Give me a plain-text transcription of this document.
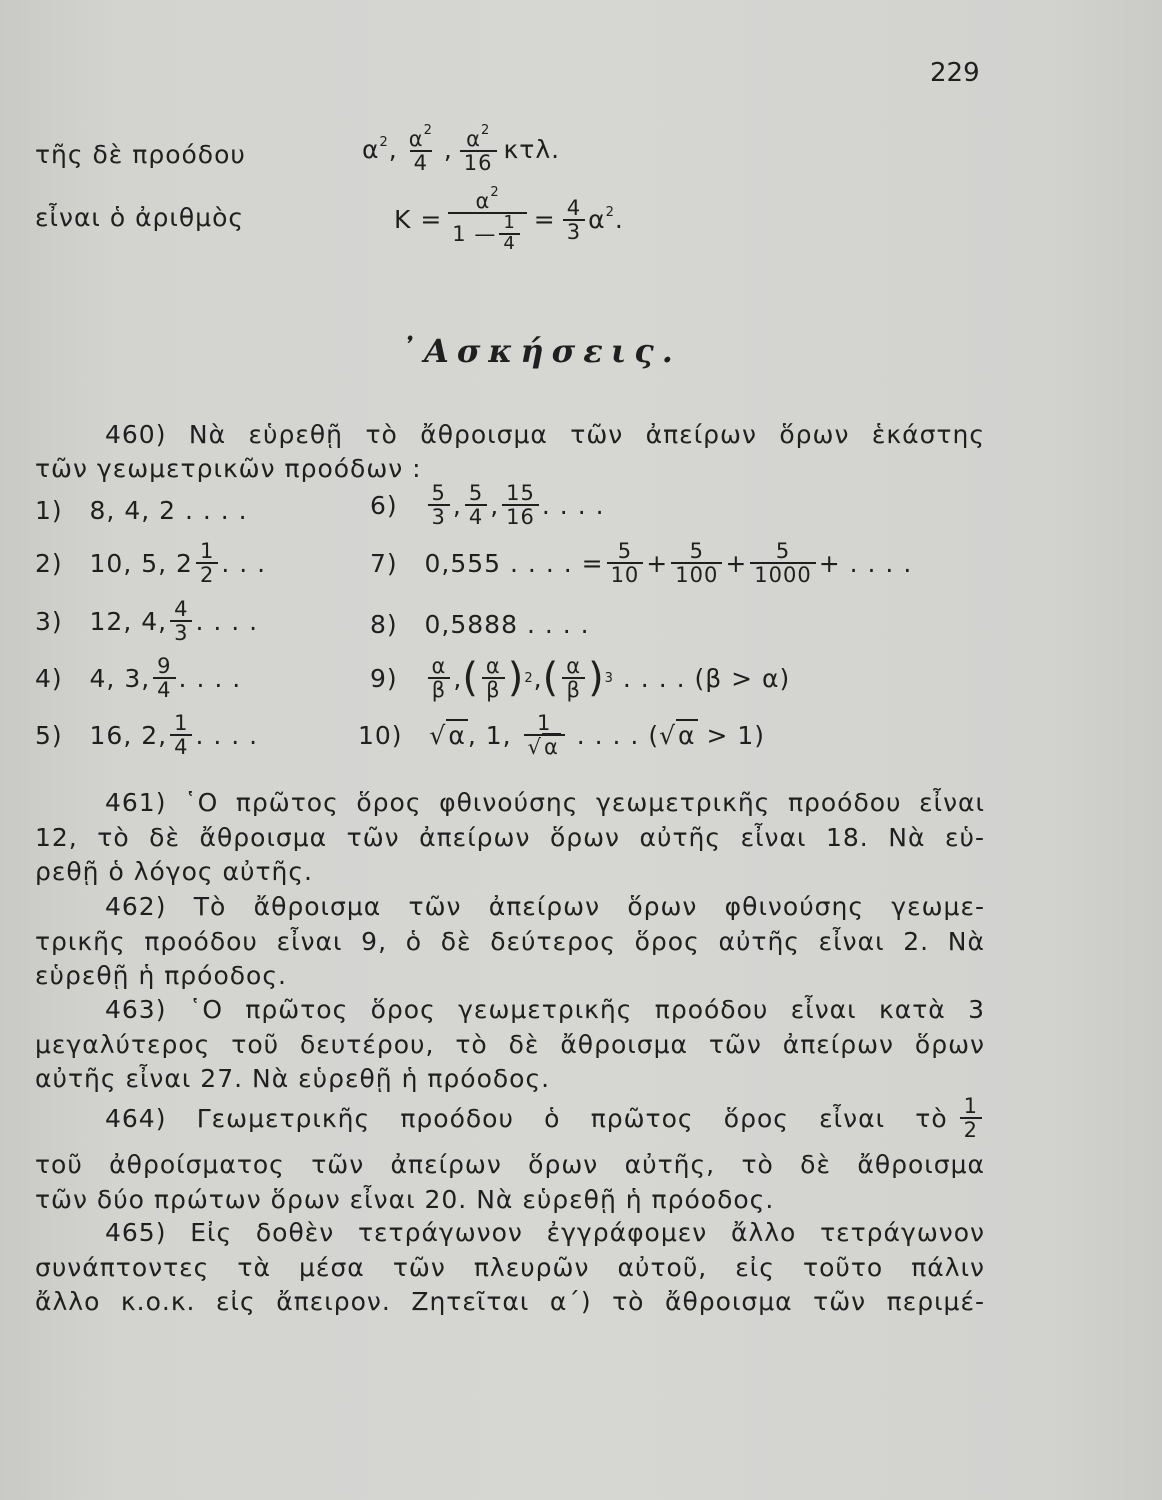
229
τῆς δὲ προόδου	$\alpha^2$, $\frac{\alpha^2}{4}$ , $\frac{\alpha^2}{16} \kappa\tau\lambda$.
εἶναι ὁ ἀριθμὸς	$K = \frac{\alpha^2}{1 — \frac{1}{4}} = \frac{4}{3} \alpha^2$.
᾿Ασκήσεις.
460) Νὰ εὑρεθῇ τὸ ἄθροισμα τῶν ἀπείρων ὅρων ἑκάστης
τῶν γεωμετρικῶν προόδων :
1) 8, 4, 2 . . . .
2)
10, 5, $2 \frac{1}{2}$ . . .
3)
12, 4, $\frac{4}{3}$ . . . .
4)
4, 3, $\frac{9}{4}$ . . . .
5)
16, 2, $\frac{1}{4}$ . . . .
6)
$\frac{5}{3}$ , $\frac{5}{4}$ , $\frac{15}{16}$ . . . .
7)
0,555 . . . . = $\frac{5}{10} + \frac{5}{100} + \frac{5}{1000}$ + . . . .
8) 0,5888 . . . .
9)
$\frac{\alpha}{\beta}$ , ( $\frac{\alpha}{\beta}$ ) 2 , ( $\frac{\alpha}{\beta}$ ) 3
. . . . (β > α)
10)
√α , 1,
$\frac{1}{√\alpha}$
. . . . ( √α
> 1)
461) ῾Ο πρῶτος ὅρος φθινούσης γεωμετρικῆς προόδου εἶναι
12, τὸ δὲ ἄθροισμα τῶν ἀπείρων ὅρων αὐτῆς εἶναι 18. Νὰ εὑ-
ρεθῇ ὁ λόγος αὐτῆς.
462) Τὸ ἄθροισμα τῶν ἀπείρων ὅρων φθινούσης γεωμε-
τρικῆς προόδου εἶναι 9, ὁ δὲ δεύτερος ὅρος αὐτῆς εἶναι 2. Νὰ
εὑρεθῇ ἡ πρόοδος.
463) ῾Ο πρῶτος ὅρος γεωμετρικῆς προόδου εἶναι κατὰ 3
μεγαλύτερος τοῦ δευτέρου, τὸ δὲ ἄθροισμα τῶν ἀπείρων ὅρων
αὐτῆς εἶναι 27. Νὰ εὑρεθῇ ἡ πρόοδος.
464) Γεωμετρικῆς προόδου ὁ πρῶτος ὅρος εἶναι τὸ $\frac{1}{2}$
τοῦ ἀθροίσματος τῶν ἀπείρων ὅρων αὐτῆς, τὸ δὲ ἄθροισμα
τῶν δύο πρώτων ὅρων εἶναι 20. Νὰ εὑρεθῇ ἡ πρόοδος.
465) Εἰς δοθὲν τετράγωνον ἐγγράφομεν ἄλλο τετράγωνον
συνάπτοντες τὰ μέσα τῶν πλευρῶν αὐτοῦ, εἰς τοῦτο πάλιν
ἄλλο κ.ο.κ. εἰς ἄπειρον. Ζητεῖται α΄) τὸ ἄθροισμα τῶν περιμέ-
